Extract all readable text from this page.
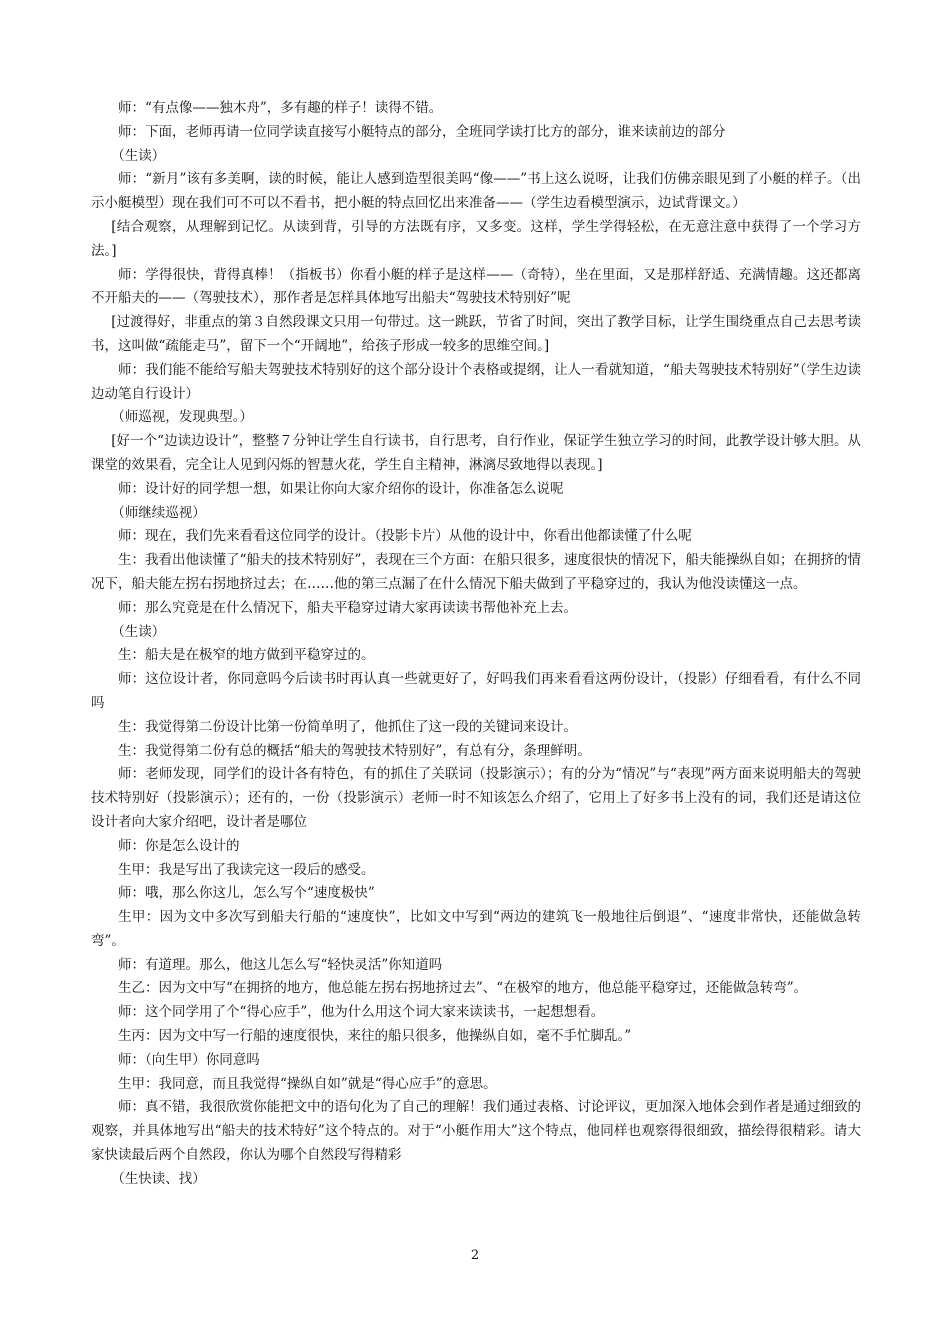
师：“有点像——独木舟”，多有趣的样子！读得不错。

师：下面，老师再请一位同学读直接写小艇特点的部分，全班同学读打比方的部分，谁来读前边的部分

（生读）

师：“新月”该有多美啊，读的时候，能让人感到造型很美吗“像——”书上这么说呀，让我们仿佛亲眼见到了小艇的样子。（出示小艇模型）现在我们可不可以不看书，把小艇的特点回忆出来准备——（学生边看模型演示，边试背课文。）

[结合观察，从理解到记忆。从读到背，引导的方法既有序，又多变。这样，学生学得轻松，在无意注意中获得了一个学习方法。]

师：学得很快，背得真棒！（指板书）你看小艇的样子是这样——（奇特），坐在里面，又是那样舒适、充满情趣。这还都离不开船夫的——（驾驶技术），那作者是怎样具体地写出船夫“驾驶技术特别好”呢

[过渡得好，非重点的第３自然段课文只用一句带过。这一跳跃，节省了时间，突出了教学目标，让学生围绕重点自己去思考读书，这叫做“疏能走马”，留下一个“开阔地”，给孩子形成一较多的思维空间。]

师：我们能不能给写船夫驾驶技术特别好的这个部分设计个表格或提纲，让人一看就知道，“船夫驾驶技术特别好”（学生边读边动笔自行设计）

（师巡视，发现典型。）

[好一个“边读边设计”，整整７分钟让学生自行读书，自行思考，自行作业，保证学生独立学习的时间，此教学设计够大胆。从课堂的效果看，完全让人见到闪烁的智慧火花，学生自主精神，淋漓尽致地得以表现。]

师：设计好的同学想一想，如果让你向大家介绍你的设计，你准备怎么说呢

（师继续巡视）

师：现在，我们先来看看这位同学的设计。（投影卡片）从他的设计中，你看出他都读懂了什么呢

生：我看出他读懂了“船夫的技术特别好”，表现在三个方面：在船只很多，速度很快的情况下，船夫能操纵自如；在拥挤的情况下，船夫能左拐右拐地挤过去；在……他的第三点漏了在什么情况下船夫做到了平稳穿过的，我认为他没读懂这一点。

师：那么究竟是在什么情况下，船夫平稳穿过请大家再读读书帮他补充上去。

（生读）

生：船夫是在极窄的地方做到平稳穿过的。

师：这位设计者，你同意吗今后读书时再认真一些就更好了，好吗我们再来看看这两份设计，（投影）仔细看看，有什么不同吗

生：我觉得第二份设计比第一份简单明了，他抓住了这一段的关键词来设计。

生：我觉得第二份有总的概括“船夫的驾驶技术特别好”，有总有分，条理鲜明。

师：老师发现，同学们的设计各有特色，有的抓住了关联词（投影演示）；有的分为“情况”与“表现”两方面来说明船夫的驾驶技术特别好（投影演示）；还有的，一份（投影演示）老师一时不知该怎么介绍了，它用上了好多书上没有的词，我们还是请这位设计者向大家介绍吧，设计者是哪位

师：你是怎么设计的

生甲：我是写出了我读完这一段后的感受。

师：哦，那么你这儿，怎么写个“速度极快”

生甲：因为文中多次写到船夫行船的“速度快”，比如文中写到“两边的建筑飞一般地往后倒退”、“速度非常快，还能做急转弯”。

师：有道理。那么，他这儿怎么写“轻快灵活”你知道吗

生乙：因为文中写“在拥挤的地方，他总能左拐右拐地挤过去”、“在极窄的地方，他总能平稳穿过，还能做急转弯”。

师：这个同学用了个“得心应手”，他为什么用这个词大家来读读书，一起想想看。

生丙：因为文中写一行船的速度很快，来往的船只很多，他操纵自如，毫不手忙脚乱。”

师：（向生甲）你同意吗

生甲：我同意，而且我觉得“操纵自如”就是“得心应手”的意思。

师：真不错，我很欣赏你能把文中的语句化为了自己的理解！我们通过表格、讨论评议，更加深入地体会到作者是通过细致的观察，并具体地写出“船夫的技术特好”这个特点的。对于“小艇作用大”这个特点，他同样也观察得很细致，描绘得很精彩。请大家快读最后两个自然段，你认为哪个自然段写得精彩

（生快读、找）

2
